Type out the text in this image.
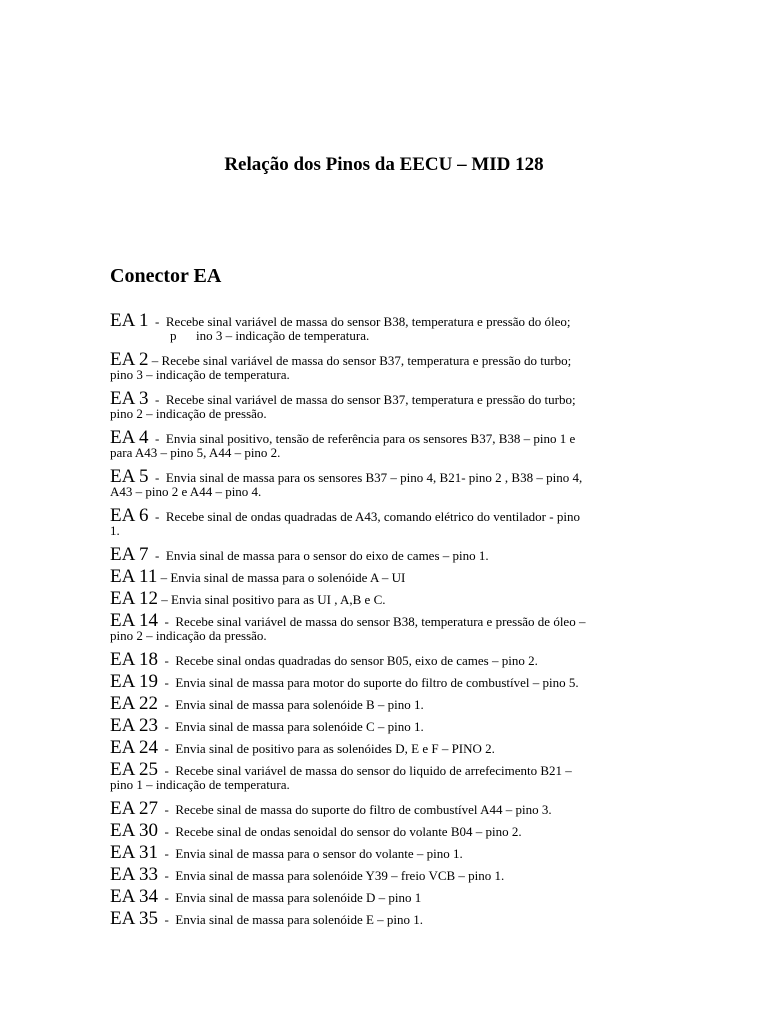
Relação dos Pinos da EECU – MID 128
Conector EA
EA 1  -  Recebe sinal variável de massa do sensor B38, temperatura e pressão do óleo;
p      ino 3 – indicação de temperatura.
EA 2 – Recebe sinal variável de massa do sensor B37, temperatura e pressão do turbo;
pino 3 – indicação de temperatura.
EA 3  -  Recebe sinal variável de massa do sensor B37, temperatura e pressão do turbo;
pino 2 – indicação de pressão.
EA 4  -  Envia sinal positivo, tensão de referência para os sensores B37, B38 – pino 1 e
para A43 – pino 5, A44 – pino 2.
EA 5  -  Envia sinal de massa para os sensores B37 – pino 4, B21- pino 2 , B38 – pino 4,
A43 – pino 2 e A44 – pino 4.
EA 6  -  Recebe sinal de ondas quadradas de A43, comando elétrico do ventilador - pino
1.
EA 7  -  Envia sinal de massa para o sensor do eixo de cames – pino 1.
EA 11 – Envia sinal de massa para o solenóide A – UI
EA 12 – Envia sinal positivo para as UI , A,B e C.
EA 14  -  Recebe sinal variável de massa do sensor B38, temperatura e pressão de óleo –
pino 2 – indicação da pressão.
EA 18  -  Recebe sinal ondas quadradas do sensor B05, eixo de cames – pino 2.
EA 19  -  Envia sinal de massa para motor do suporte do filtro de combustível – pino 5.
EA 22  -  Envia sinal de massa para solenóide B – pino 1.
EA 23  -  Envia sinal de massa para solenóide C – pino 1.
EA 24  -  Envia sinal de positivo para as solenóides D, E e F – PINO 2.
EA 25  -  Recebe sinal variável de massa do sensor do liquido de arrefecimento B21 –
pino 1 – indicação de temperatura.
EA 27  -  Recebe sinal de massa do suporte do filtro de combustível A44 – pino 3.
EA 30  -  Recebe sinal de ondas senoidal do sensor do volante B04 – pino 2.
EA 31  -  Envia sinal de massa para o sensor do volante – pino 1.
EA 33  -  Envia sinal de massa para solenóide Y39 – freio VCB – pino 1.
EA 34  -  Envia sinal de massa para solenóide D – pino 1
EA 35  -  Envia sinal de massa para solenóide E – pino 1.
